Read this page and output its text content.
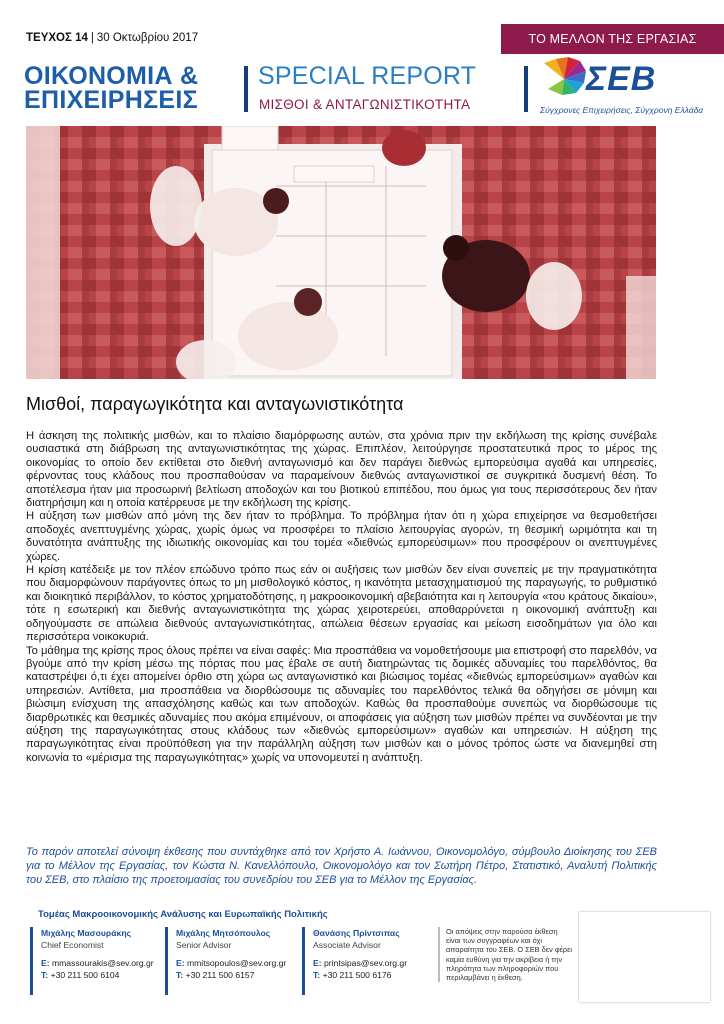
ΤΕΥΧΟΣ 14 | 30 Οκτωβρίου 2017	ΤΟ ΜΕΛΛΟΝ ΤΗΣ ΕΡΓΑΣΙΑΣ
ΟΙΚΟΝΟΜΙΑ &
ΕΠΙΧΕΙΡΗΣΕΙΣ
SPECIAL REPORT
ΜΙΣΘΟΙ & ΑΝΤΑΓΩΝΙΣΤΙΚΟΤΗΤΑ
ΣΕΒ
Σύγχρονες Επιχειρήσεις, Σύγχρονη Ελλάδα
Μισθοί, παραγωγικότητα και ανταγωνιστικότητα

Η άσκηση της πολιτικής μισθών, και το πλαίσιο διαμόρφωσης αυτών, στα χρόνια πριν την εκδήλωση της κρίσης συνέβαλε ουσιαστικά στη διάβρωση της ανταγωνιστικότητας της χώρας. Επιπλέον, λειτούργησε προστατευτικά προς το μέρος της οικονομίας το οποίο δεν εκτίθεται στο διεθνή ανταγωνισμό και δεν παράγει διεθνώς εμπορεύσιμα αγαθά και υπηρεσίες, φέρνοντας τους κλάδους που προσπαθούσαν να παραμείνουν διεθνώς ανταγωνιστικοί σε συγκριτικά δυσμενή θέση. Το αποτέλεσμα ήταν μια προσωρινή βελτίωση αποδοχών και του βιοτικού επιπέδου, που όμως για τους περισσότερους δεν ήταν διατηρήσιμη και η οποία κατέρρευσε με την εκδήλωση της κρίσης.

Η αύξηση των μισθών από μόνη της δεν ήταν το πρόβλημα. Το πρόβλημα ήταν ότι η χώρα επιχείρησε να θεσμοθετήσει αποδοχές ανεπτυγμένης χώρας, χωρίς όμως να προσφέρει το πλαίσιο λειτουργίας αγορών, τη θεσμική ωριμότητα και τη δυνατότητα ανάπτυξης της ιδιωτικής οικονομίας και του τομέα «διεθνώς εμπορεύσιμων» που προσφέρουν οι ανεπτυγμένες χώρες.

Η κρίση κατέδειξε με τον πλέον επώδυνο τρόπο πως εάν οι αυξήσεις των μισθών δεν είναι συνεπείς με την πραγματικότητα που διαμορφώνουν παράγοντες όπως το μη μισθολογικό κόστος, η ικανότητα μετασχηματισμού της παραγωγής, το ρυθμιστικό και διοικητικό περιβάλλον, το κόστος χρηματοδότησης, η μακροοικονομική αβεβαιότητα και η λειτουργία «του κράτους δικαίου», τότε η εσωτερική και διεθνής ανταγωνιστικότητα της χώρας χειροτερεύει, αποθαρρύνεται η οικονομική ανάπτυξη και οδηγούμαστε σε απώλεια διεθνούς ανταγωνιστικότητας, απώλεια θέσεων εργασίας και μείωση εισοδημάτων για όλο και περισσότερα νοικοκυριά.

Το μάθημα της κρίσης προς όλους πρέπει να είναι σαφές: Μια προσπάθεια να νομοθετήσουμε μια επιστροφή στο παρελθόν, να βγούμε από την κρίση μέσω της πόρτας που μας έβαλε σε αυτή διατηρώντας τις δομικές αδυναμίες του παρελθόντος, θα καταστρέψει ό,τι έχει απομείνει όρθιο στη χώρα ως ανταγωνιστικό και βιώσιμος τομέας «διεθνώς εμπορεύσιμων» αγαθών και υπηρεσιών. Αντίθετα, μια προσπάθεια να διορθώσουμε τις αδυναμίες του παρελθόντος τελικά θα οδηγήσει σε μόνιμη και βιώσιμη ενίσχυση της απασχόλησης καθώς και των αποδοχών. Καθώς θα προσπαθούμε συνεπώς να διορθώσουμε τις διαρθρωτικές και θεσμικές αδυναμίες που ακόμα επιμένουν, οι αποφάσεις για αύξηση των μισθών πρέπει να συνδέονται με την αύξηση της παραγωγικότητας στους κλάδους των «διεθνώς εμπορεύσιμων» αγαθών και υπηρεσιών. Η αύξηση της παραγωγικότητας είναι προϋπόθεση για την παράλληλη αύξηση των μισθών και ο μόνος τρόπος ώστε να διανεμηθεί στη κοινωνία το «μέρισμα της παραγωγικότητας» χωρίς να υπονομευτεί η ανάπτυξη.

Το παρόν αποτελεί σύνοψη έκθεσης που συντάχθηκε από τον Χρήστο Α. Ιωάννου, Οικονομολόγο, σύμβουλο Διοίκησης του ΣΕΒ για το Μέλλον της Εργασίας, τον Κώστα Ν. Κανελλόπουλο, Οικονομολόγο και τον Σωτήρη Πέτρο, Στατιστικό, Αναλυτή Πολιτικής του ΣΕΒ, στο πλαίσιο της προετοιμασίας του συνεδρίου του ΣΕΒ για το Μέλλον της Εργασίας.
Τομέας Μακροοικονομικής Ανάλυσης και Ευρωπαϊκής Πολιτικής
Μιχάλης Μασουράκης
Chief Economist
E: mmassourakis@sev.org.gr
T: +30 211 500 6104
Μιχάλης Μητσόπουλος
Senior Advisor
E: mmitsopoulos@sev.org.gr
T: +30 211 500 6157
Θανάσης Πρίντσιπας
Associate Advisor
E: printsipas@sev.org.gr
T: +30 211 500 6176
Οι απόψεις στην παρούσα έκθεση είναι των συγγραφέων και όχι απαραίτητα του ΣΕΒ. Ο ΣΕΒ δεν φέρει καμία ευθύνη για την ακρίβεια ή την πληρότητα των πληροφοριών που περιλαμβάνει η έκθεση.
